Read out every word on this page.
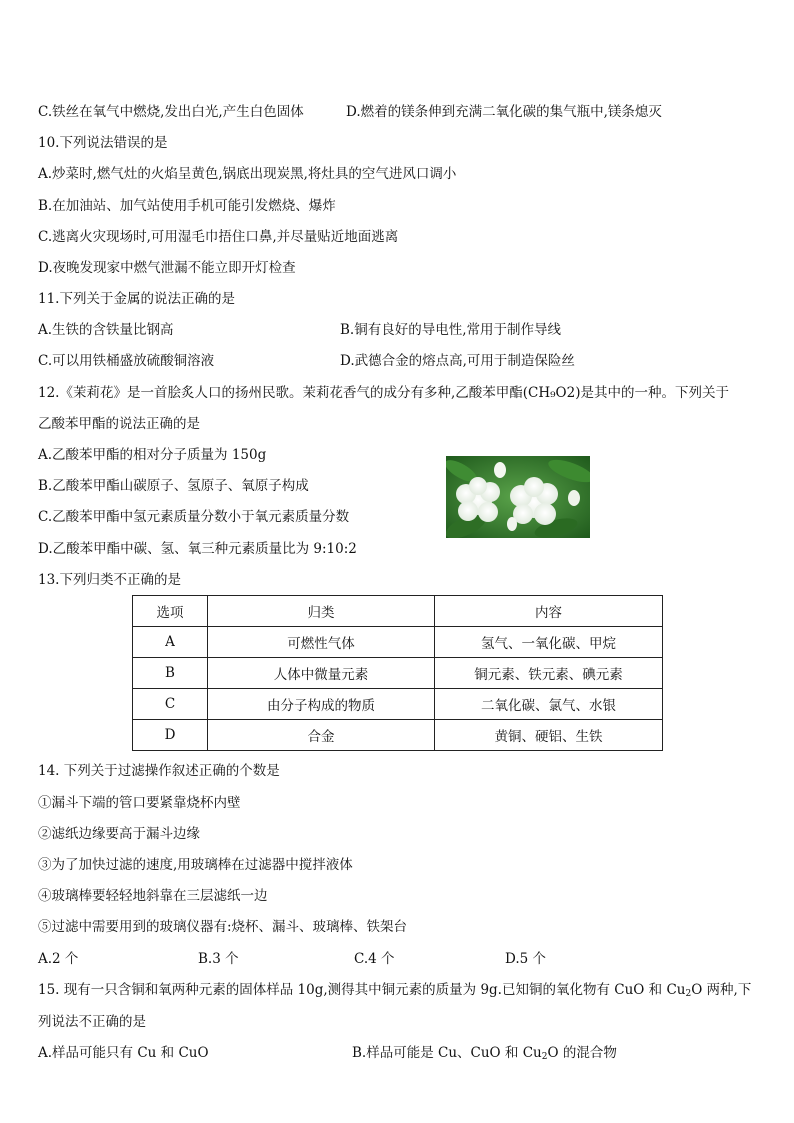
C.铁丝在氧气中燃烧,发出白光,产生白色固体	D.燃着的镁条伸到充满二氧化碳的集气瓶中,镁条熄灭
10.下列说法错误的是
A.炒菜时,燃气灶的火焰呈黄色,锅底出现炭黑,将灶具的空气进风口调小
B.在加油站、加气站使用手机可能引发燃烧、爆炸
C.逃离火灾现场时,可用湿毛巾捂住口鼻,并尽量贴近地面逃离
D.夜晚发现家中燃气泄漏不能立即开灯检查
11.下列关于金属的说法正确的是
A.生铁的含铁量比钢高	B.铜有良好的导电性,常用于制作导线
C.可以用铁桶盛放硫酸铜溶液	D.武德合金的熔点高,可用于制造保险丝
12.《茉莉花》是一首脍炙人口的扬州民歌。茉莉花香气的成分有多种,乙酸苯甲酯(CH₉O2)是其中的一种。下列关于
乙酸苯甲酯的说法正确的是
A.乙酸苯甲酯的相对分子质量为 150g
B.乙酸苯甲酯山碳原子、氢原子、氧原子构成
C.乙酸苯甲酯中氢元素质量分数小于氧元素质量分数
D.乙酸苯甲酯中碳、氢、氧三种元素质量比为 9:10:2
13.下列归类不正确的是
选项	归类	内容
A	可燃性气体	氢气、一氧化碳、甲烷
B	人体中微量元素	铜元素、铁元素、碘元素
C	由分子构成的物质	二氧化碳、氯气、水银
D	合金	黄铜、硬铝、生铁
14. 下列关于过滤操作叙述正确的个数是
①漏斗下端的管口要紧靠烧杯内壁
②滤纸边缘要高于漏斗边缘
③为了加快过滤的速度,用玻璃棒在过滤器中搅拌液体
④玻璃棒要轻轻地斜靠在三层滤纸一边
⑤过滤中需要用到的玻璃仪器有:烧杯、漏斗、玻璃棒、铁架台
A.2 个	B.3 个	C.4 个	D.5 个
15. 现有一只含铜和氧两种元素的固体样品 10g,测得其中铜元素的质量为 9g.已知铜的氧化物有 CuO 和 $Cu_2O$ 两种,下
列说法不正确的是
A.样品可能只有 Cu 和 CuO	B.样品可能是 Cu、CuO 和 $Cu_2O$ 的混合物
